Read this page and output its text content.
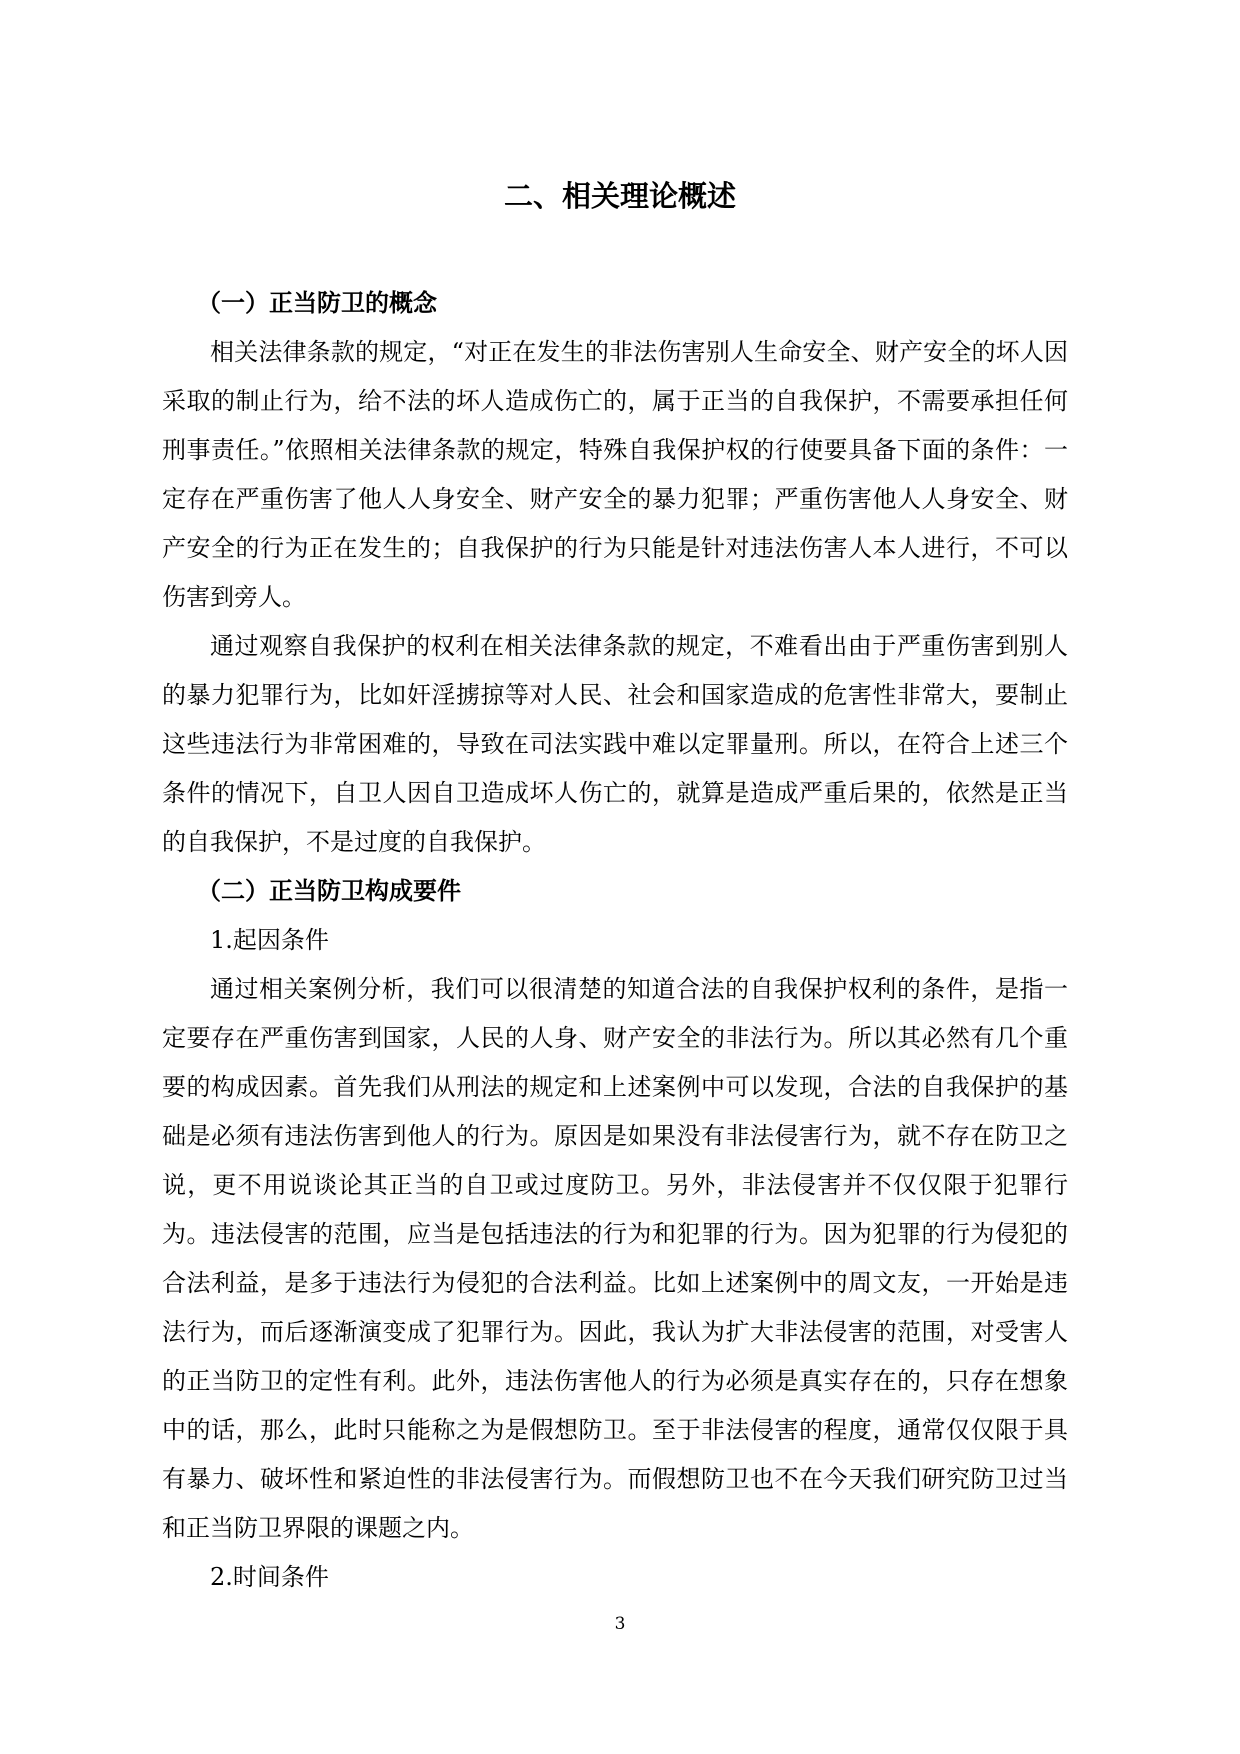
二、相关理论概述

（一）正当防卫的概念

相关法律条款的规定，“对正在发生的非法伤害别人生命安全、财产安全的坏人因采取的制止行为，给不法的坏人造成伤亡的，属于正当的自我保护，不需要承担任何刑事责任。”依照相关法律条款的规定，特殊自我保护权的行使要具备下面的条件：一定存在严重伤害了他人人身安全、财产安全的暴力犯罪；严重伤害他人人身安全、财产安全的行为正在发生的；自我保护的行为只能是针对违法伤害人本人进行，不可以伤害到旁人。

通过观察自我保护的权利在相关法律条款的规定，不难看出由于严重伤害到别人的暴力犯罪行为，比如奸淫掳掠等对人民、社会和国家造成的危害性非常大，要制止这些违法行为非常困难的，导致在司法实践中难以定罪量刑。所以，在符合上述三个条件的情况下，自卫人因自卫造成坏人伤亡的，就算是造成严重后果的，依然是正当的自我保护，不是过度的自我保护。

（二）正当防卫构成要件

1.起因条件

通过相关案例分析，我们可以很清楚的知道合法的自我保护权利的条件，是指一定要存在严重伤害到国家，人民的人身、财产安全的非法行为。所以其必然有几个重要的构成因素。首先我们从刑法的规定和上述案例中可以发现，合法的自我保护的基础是必须有违法伤害到他人的行为。原因是如果没有非法侵害行为，就不存在防卫之说，更不用说谈论其正当的自卫或过度防卫。另外，非法侵害并不仅仅限于犯罪行为。违法侵害的范围，应当是包括违法的行为和犯罪的行为。因为犯罪的行为侵犯的合法利益，是多于违法行为侵犯的合法利益。比如上述案例中的周文友，一开始是违法行为，而后逐渐演变成了犯罪行为。因此，我认为扩大非法侵害的范围，对受害人的正当防卫的定性有利。此外，违法伤害他人的行为必须是真实存在的，只存在想象中的话，那么，此时只能称之为是假想防卫。至于非法侵害的程度，通常仅仅限于具有暴力、破坏性和紧迫性的非法侵害行为。而假想防卫也不在今天我们研究防卫过当和正当防卫界限的课题之内。

2.时间条件

3
